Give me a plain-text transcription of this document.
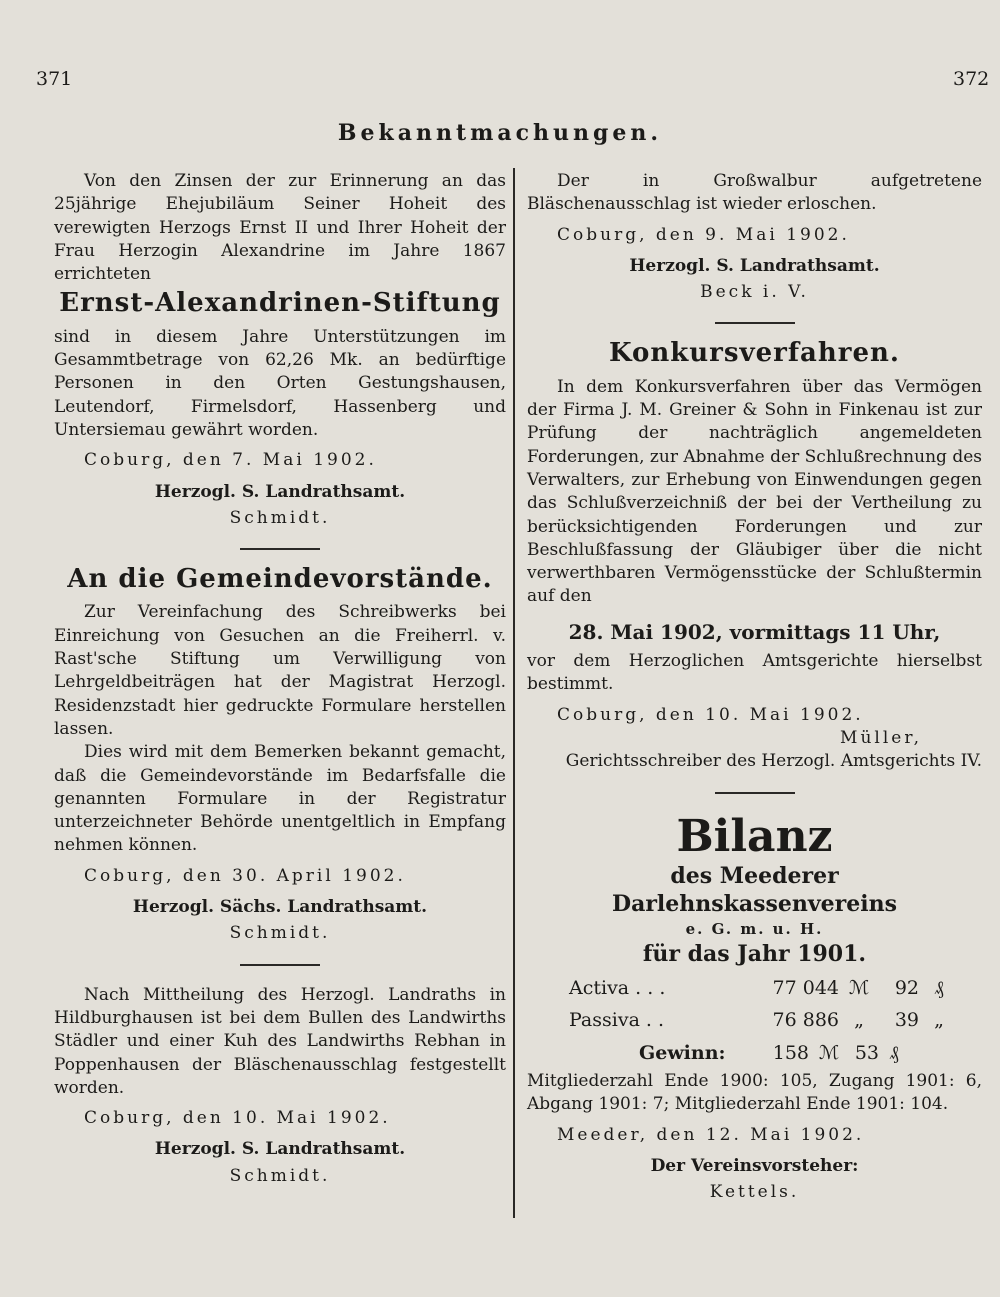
371	372
Bekanntmachungen.

Von den Zinsen der zur Erinnerung an das 25jährige Ehejubiläum Seiner Hoheit des verewigten Herzogs Ernst II und Ihrer Hoheit der Frau Herzogin Alexandrine im Jahre 1867 errichteten

Ernst-Alexandrinen-Stiftung

sind in diesem Jahre Unterstützungen im Gesammtbetrage von 62,26 Mk. an bedürftige Personen in den Orten Gestungshausen, Leutendorf, Firmelsdorf, Hassenberg und Untersiemau gewährt worden.

Coburg, den 7. Mai 1902.
Herzogl. S. Landrathsamt.
Schmidt.
An die Gemeindevorstände.

Zur Vereinfachung des Schreibwerks bei Einreichung von Gesuchen an die Freiherrl. v. Rast'sche Stiftung um Verwilligung von Lehrgeldbeiträgen hat der Magistrat Herzogl. Residenzstadt hier gedruckte Formulare herstellen lassen.

Dies wird mit dem Bemerken bekannt gemacht, daß die Gemeindevorstände im Bedarfsfalle die genannten Formulare in der Registratur unterzeichneter Behörde unentgeltlich in Empfang nehmen können.

Coburg, den 30. April 1902.
Herzogl. Sächs. Landrathsamt.
Schmidt.

Nach Mittheilung des Herzogl. Landraths in Hildburghausen ist bei dem Bullen des Landwirths Städler und einer Kuh des Landwirths Rebhan in Poppenhausen der Bläschenausschlag festgestellt worden.

Coburg, den 10. Mai 1902.
Herzogl. S. Landrathsamt.
Schmidt.

Der in Großwalbur aufgetretene Bläschenausschlag ist wieder erloschen.

Coburg, den 9. Mai 1902.
Herzogl. S. Landrathsamt.
Beck i. V.
Konkursverfahren.

In dem Konkursverfahren über das Vermögen der Firma J. M. Greiner & Sohn in Finkenau ist zur Prüfung der nachträglich angemeldeten Forderungen, zur Abnahme der Schlußrechnung des Verwalters, zur Erhebung von Einwendungen gegen das Schlußverzeichniß der bei der Vertheilung zu berücksichtigenden Forderungen und zur Beschlußfassung der Gläubiger über die nicht verwerthbaren Vermögensstücke der Schlußtermin auf den

28. Mai 1902, vormittags 11 Uhr,

vor dem Herzoglichen Amtsgerichte hierselbst bestimmt.

Coburg, den 10. Mai 1902.
Müller,
Gerichtsschreiber des Herzogl. Amtsgerichts IV.
Bilanz
des Meederer Darlehnskassenvereins
e. G. m. u. H.
für das Jahr 1901.
Activa . . .	77 044 ℳ	92 ₰
Passiva . .	76 886 „	39 „
Gewinn:	158 ℳ 53 ₰

Mitgliederzahl Ende 1900: 105, Zugang 1901: 6, Abgang 1901: 7; Mitgliederzahl Ende 1901: 104.

Meeder, den 12. Mai 1902.
Der Vereinsvorsteher:
Kettels.
